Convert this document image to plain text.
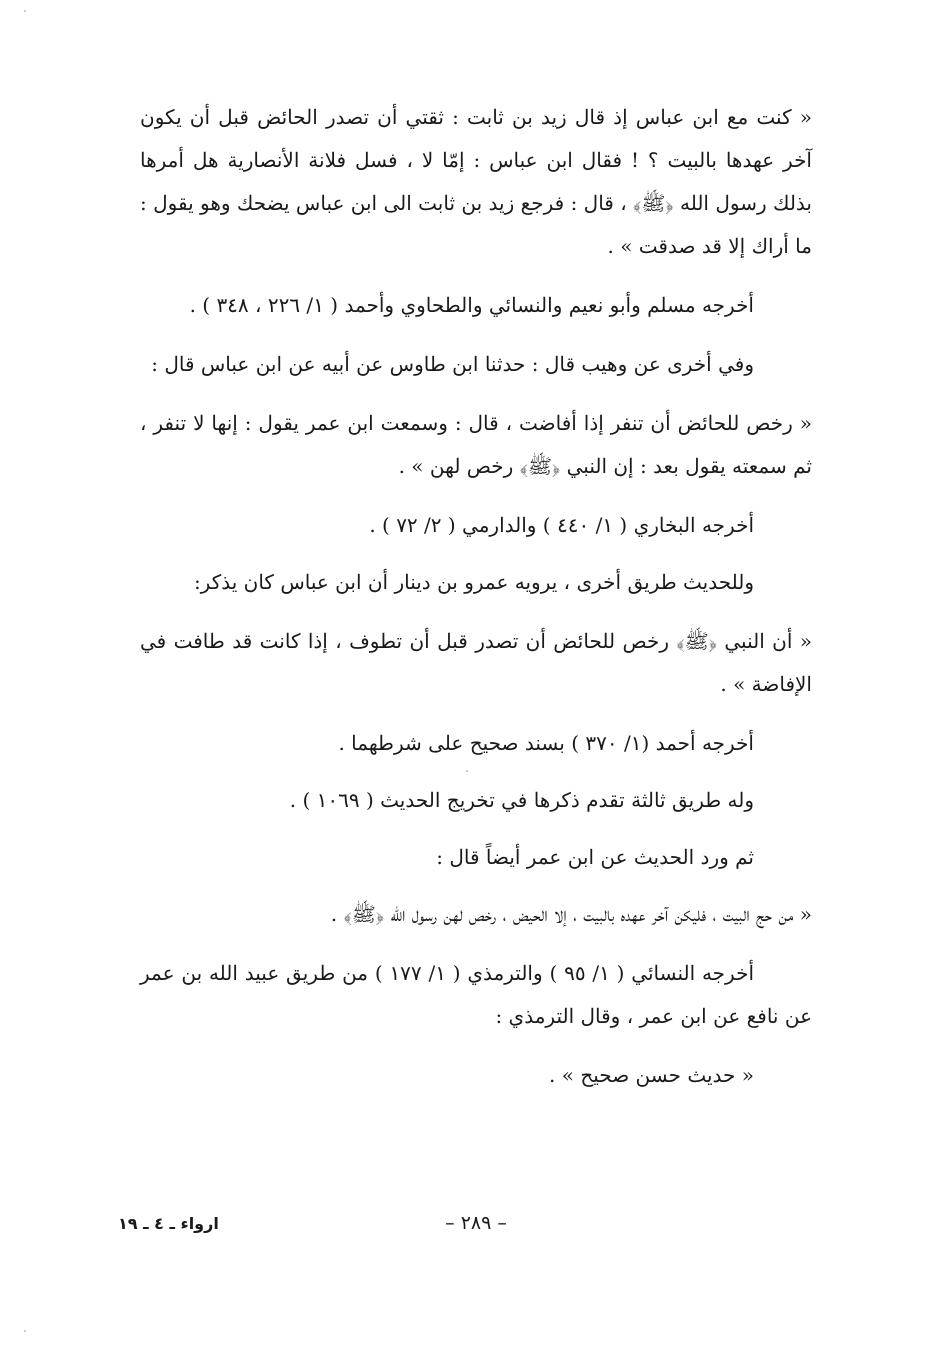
« كنت مع ابن عباس إذ قال زيد بن ثابت : ثقتي أن تصدر الحائض قبل أن يكون آخر عهدها بالبيت ؟ ! فقال ابن عباس : إمّا لا ، فسل فلانة الأنصارية هل أمرها بذلك رسول الله ﴿ﷺ﴾ ، قال : فرجع زيد بن ثابت الى ابن عباس يضحك وهو يقول : ما أراك إلا قد صدقت » .

أخرجه مسلم وأبو نعيم والنسائي والطحاوي وأحمد ( ١/ ٢٢٦ ، ٣٤٨ ) .

وفي أخرى عن وهيب قال : حدثنا ابن طاوس عن أبيه عن ابن عباس قال :

« رخص للحائض أن تنفر إذا أفاضت ، قال : وسمعت ابن عمر يقول : إنها لا تنفر ، ثم سمعته يقول بعد : إن النبي ﴿ﷺ﴾ رخص لهن » .

أخرجه البخاري ( ١/ ٤٤٠ ) والدارمي ( ٢/ ٧٢ ) .

وللحديث طريق أخرى ، يرويه عمرو بن دينار أن ابن عباس كان يذكر:

« أن النبي ﴿ﷺ﴾ رخص للحائض أن تصدر قبل أن تطوف ، إذا كانت قد طافت في الإفاضة » .

أخرجه أحمد (١/ ٣٧٠ ) بسند صحيح على شرطهما .

وله طريق ثالثة تقدم ذكرها في تخريج الحديث ( ١٠٦٩ ) .

ثم ورد الحديث عن ابن عمر أيضاً قال :

« من حج البيت ، فليكن آخر عهده بالبيت ، إلا الحيض ، رخص لهن رسول الله ﴿ﷺ﴾ .

أخرجه النسائي ( ١/ ٩٥ ) والترمذي ( ١/ ١٧٧ ) من طريق عبيد الله بن عمر عن نافع عن ابن عمر ، وقال الترمذي :

« حديث حسن صحيح » .

– ٢٨٩ –
ارواء ـ ٤ ـ ١٩
